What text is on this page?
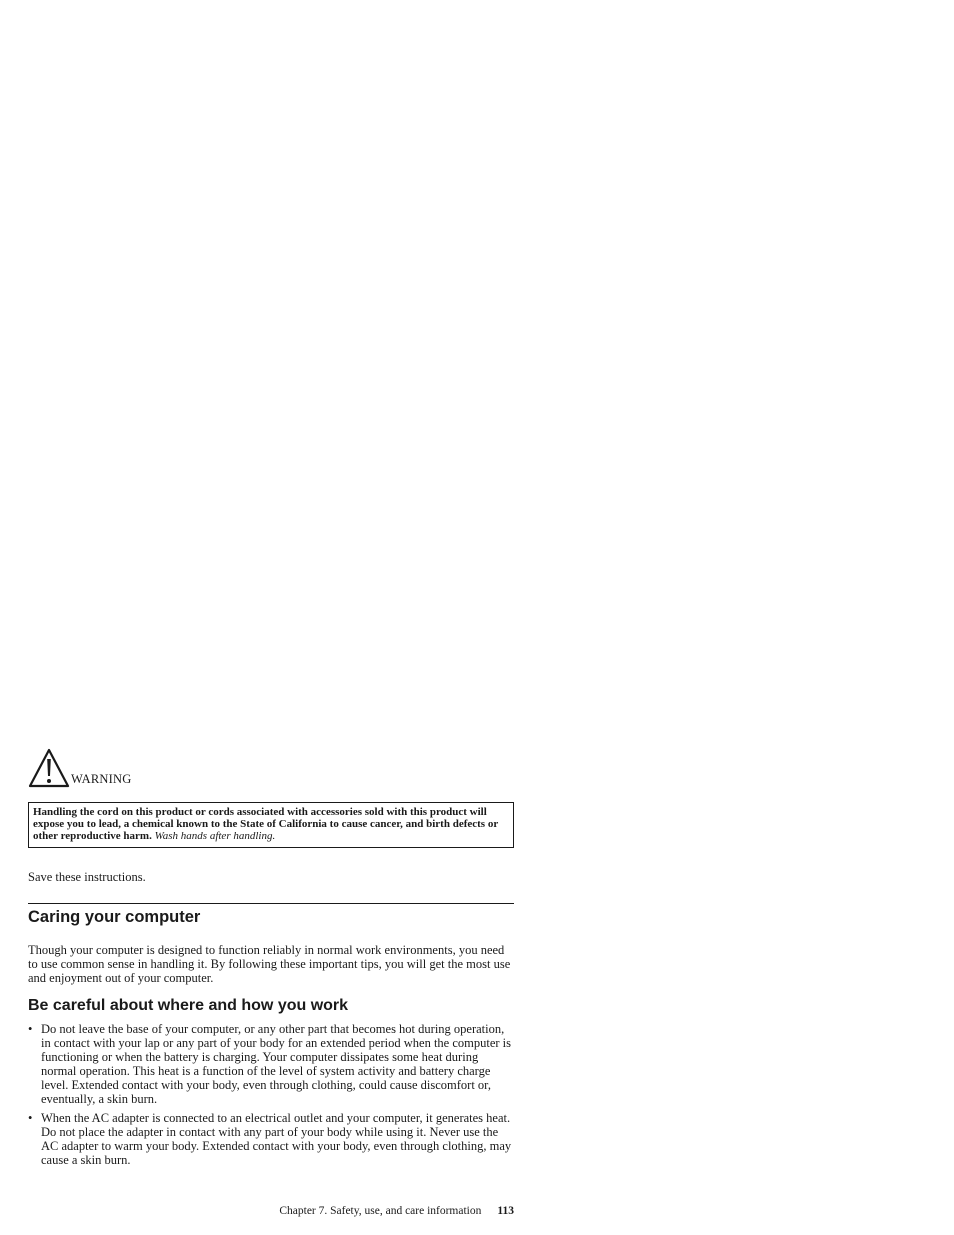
WARNING
Handling the cord on this product or cords associated with accessories sold with this product will expose you to lead, a chemical known to the State of California to cause cancer, and birth defects or other reproductive harm. Wash hands after handling.
Save these instructions.
Caring your computer

Though your computer is designed to function reliably in normal work environments, you need to use common sense in handling it. By following these important tips, you will get the most use and enjoyment out of your computer.

Be careful about where and how you work
• Do not leave the base of your computer, or any other part that becomes hot during operation, in contact with your lap or any part of your body for an extended period when the computer is functioning or when the battery is charging. Your computer dissipates some heat during normal operation. This heat is a function of the level of system activity and battery charge level. Extended contact with your body, even through clothing, could cause discomfort or, eventually, a skin burn.
• When the AC adapter is connected to an electrical outlet and your computer, it generates heat. Do not place the adapter in contact with any part of your body while using it. Never use the AC adapter to warm your body. Extended contact with your body, even through clothing, may cause a skin burn.
Chapter 7. Safety, use, and care information 113
